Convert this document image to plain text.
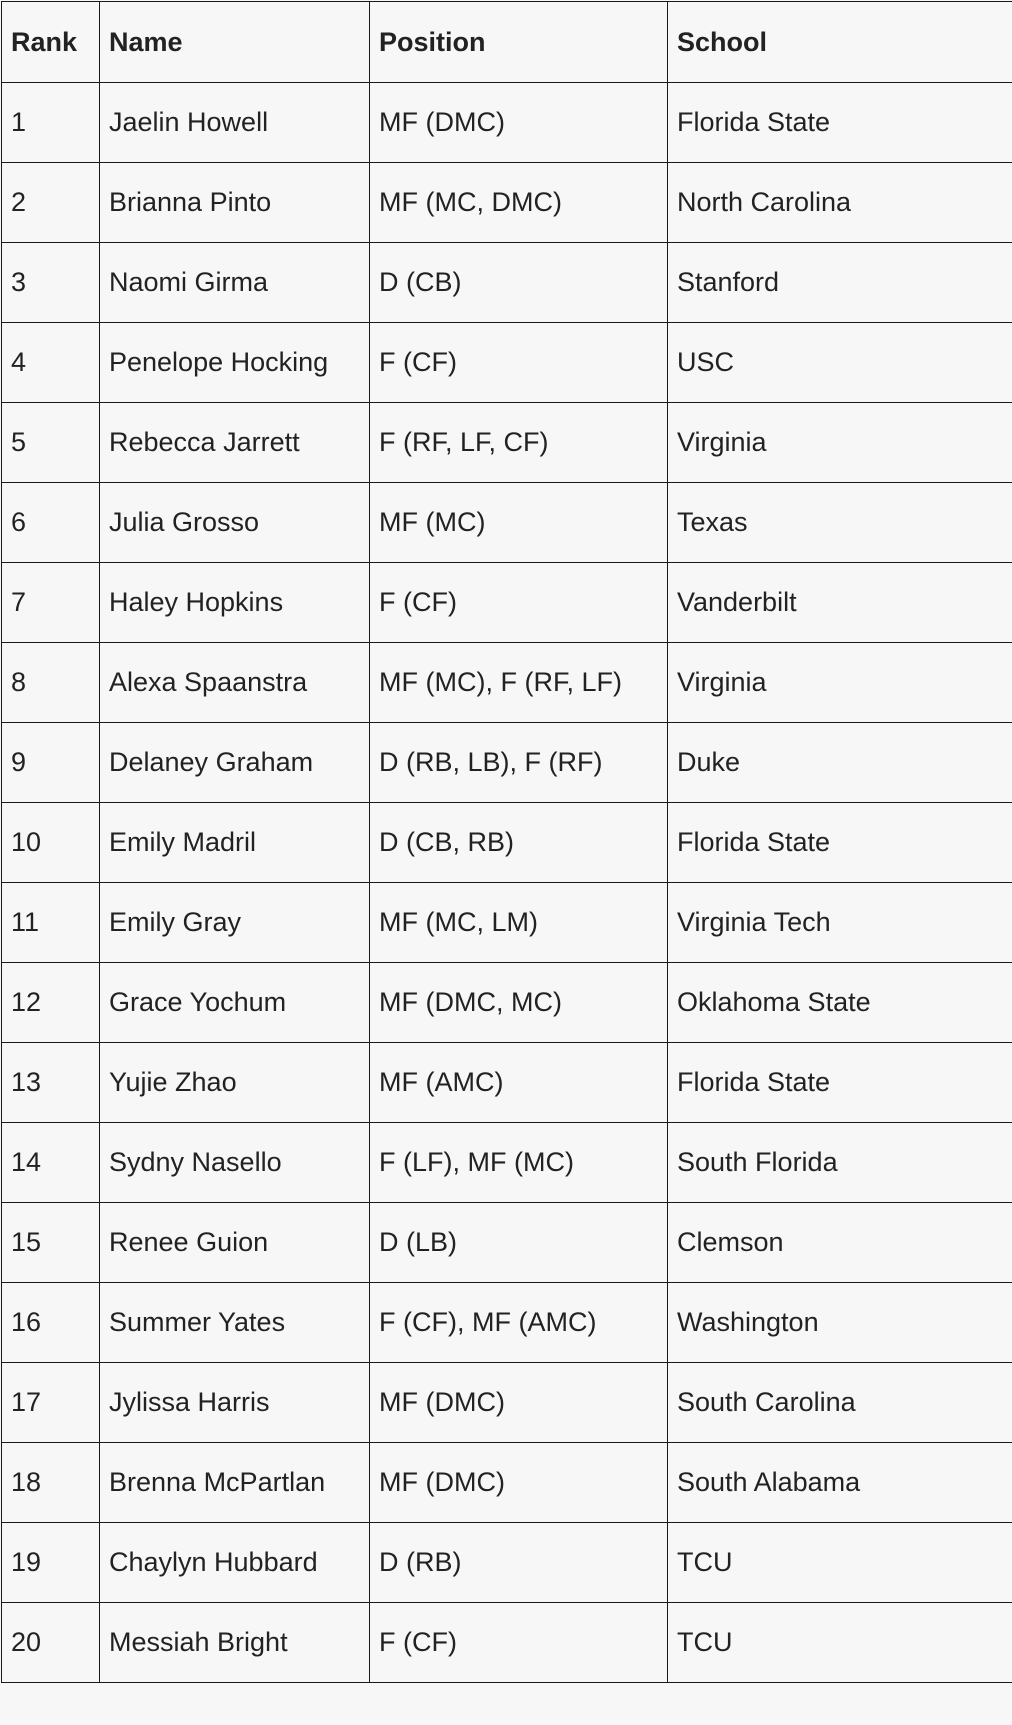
Rank	Name	Position	School
1	Jaelin Howell	MF (DMC)	Florida State
2	Brianna Pinto	MF (MC, DMC)	North Carolina
3	Naomi Girma	D (CB)	Stanford
4	Penelope Hocking	F (CF)	USC
5	Rebecca Jarrett	F (RF, LF, CF)	Virginia
6	Julia Grosso	MF (MC)	Texas
7	Haley Hopkins	F (CF)	Vanderbilt
8	Alexa Spaanstra	MF (MC), F (RF, LF)	Virginia
9	Delaney Graham	D (RB, LB), F (RF)	Duke
10	Emily Madril	D (CB, RB)	Florida State
11	Emily Gray	MF (MC, LM)	Virginia Tech
12	Grace Yochum	MF (DMC, MC)	Oklahoma State
13	Yujie Zhao	MF (AMC)	Florida State
14	Sydny Nasello	F (LF), MF (MC)	South Florida
15	Renee Guion	D (LB)	Clemson
16	Summer Yates	F (CF), MF (AMC)	Washington
17	Jylissa Harris	MF (DMC)	South Carolina
18	Brenna McPartlan	MF (DMC)	South Alabama
19	Chaylyn Hubbard	D (RB)	TCU
20	Messiah Bright	F (CF)	TCU
